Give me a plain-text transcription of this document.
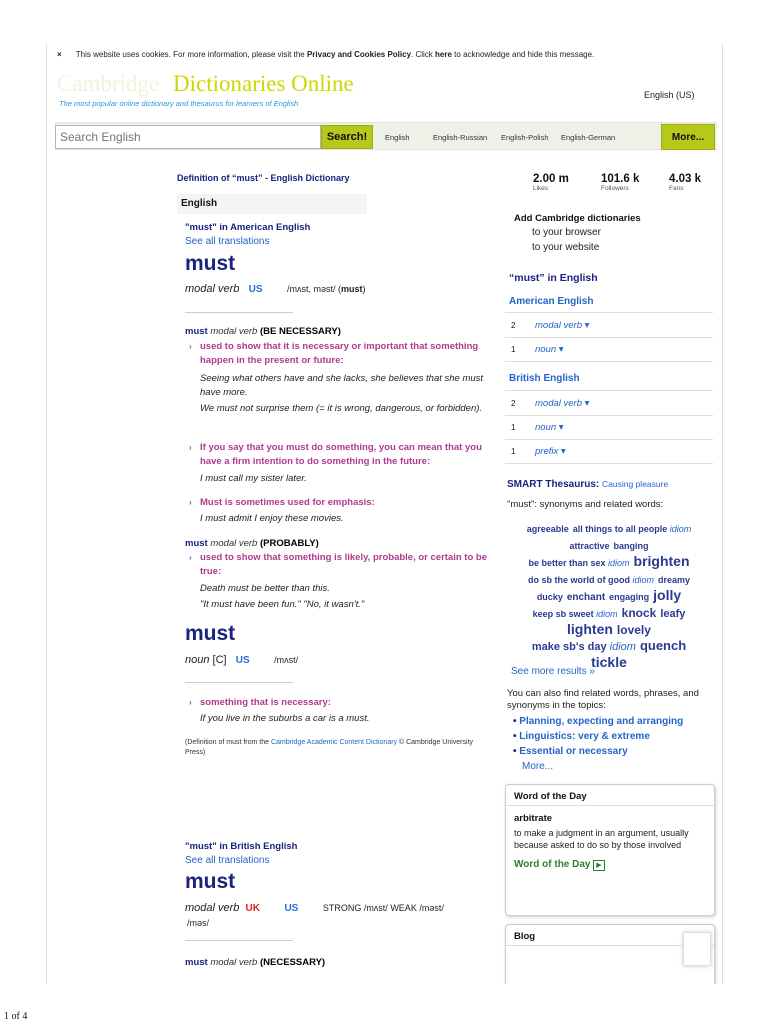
× This website uses cookies. For more information, please visit the Privacy and Cookies Policy. Click here to acknowledge and hide this message.
Cambridge Dictionaries Online
The most popular online dictionary and thesaurus for learners of English
English (US)
Search English
Search!	English	English-Russian English-Polish English-German	More...
Definition of “must” - English Dictionary
English
"must" in American English
See all translations
must
modal verb US	/mʌst, məst/ (must)
must modal verb (BE NECESSARY)
› used to show that it is necessary or important that something happen in the present or future:
Seeing what others have and she lacks, she believes that she must have more.
We must not surprise them (= it is wrong, dangerous, or forbidden).
› If you say that you must do something, you can mean that you have a firm intention to do something in the future:
I must call my sister later.
› Must is sometimes used for emphasis:
I must admit I enjoy these movies.
must modal verb (PROBABLY)
› used to show that something is likely, probable, or certain to be true:
Death must be better than this.
"It must have been fun." "No, it wasn't."
must
noun [C] US	/mʌst/
› something that is necessary:
If you live in the suburbs a car is a must.
(Definition of must from the Cambridge Academic Content Dictionary © Cambridge University Press)
"must" in British English
See all translations
must
modal verb UK US	STRONG /mʌst/ WEAK /məst/
/məs/
must modal verb (NECESSARY)
2.00 m
Likes
101.6 k
Followers
4.03 k
Fans
Add Cambridge dictionaries
to your browser
to your website
“must” in English
American English
2 modal verb ▾
1 noun ▾
British English
2 modal verb ▾
1 noun ▾
1 prefix ▾
SMART Thesaurus: Causing pleasure
"must": synonyms and related words:
agreeable all things to all people idiom
attractive banging
be better than sex idiom brighten
do sb the world of good idiom dreamy
ducky enchant engaging jolly
keep sb sweet idiom knock leafy
lighten lovely
make sb's day idiom quench
tickle
See more results »
You can also find related words, phrases, and synonyms in the topics:
• Planning, expecting and arranging
• Linguistics: very & extreme
• Essential or necessary
More...
Word of the Day
arbitrate
to make a judgment in an argument, usually because asked to do so by those involved
Word of the Day ▶
Blog
1 of 4
